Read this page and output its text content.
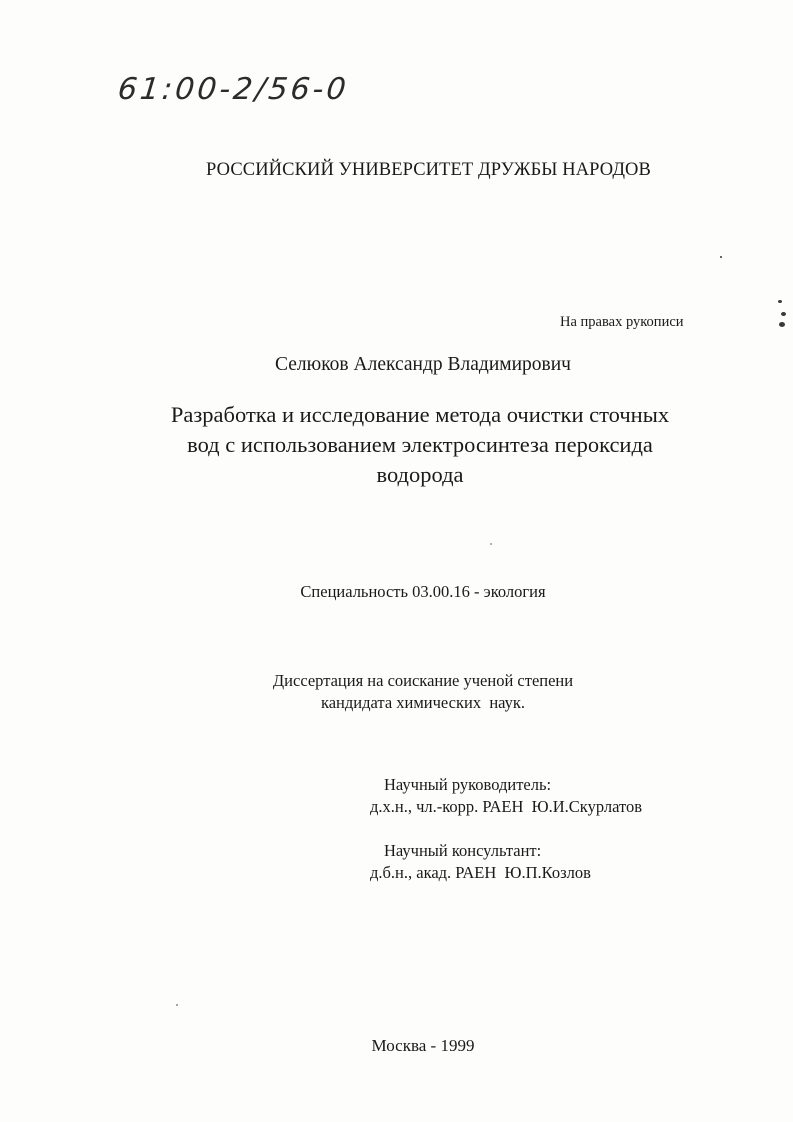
61:00-2/56-0
РОССИЙСКИЙ УНИВЕРСИТЕТ ДРУЖБЫ НАРОДОВ
На правах рукописи
Селюков Александр Владимирович
Разработка и исследование метода очистки сточных
вод с использованием электросинтеза пероксида
водорода
Специальность 03.00.16 - экология
Диссертация на соискание ученой степени
кандидата химических  наук.
Научный руководитель:
д.х.н., чл.-корр. РАЕН  Ю.И.Скурлатов
Научный консультант:
д.б.н., акад. РАЕН  Ю.П.Козлов
Москва - 1999
